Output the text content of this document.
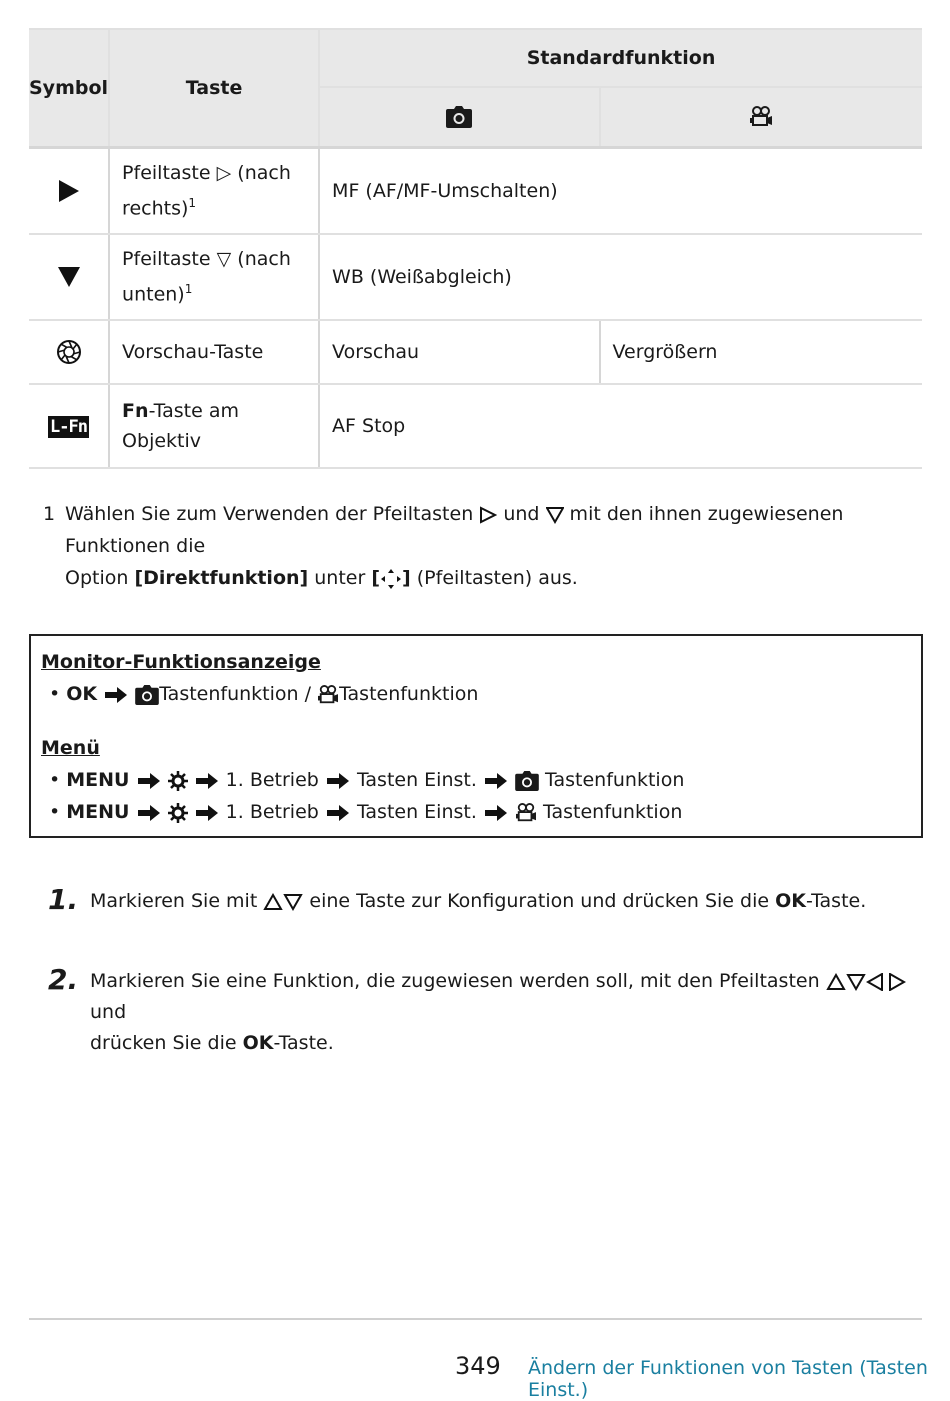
Symbol	Taste	Standardfunktion	

	Pfeiltaste ▷ (nach
rechts)$^1$	MF (AF/MF-Umschalten)	
	Pfeiltaste ▽ (nach
unten)$^1$	WB (Weißabgleich)	
	Vorschau-Taste	Vorschau	Vergrößern
L-Fn	Fn-Taste am
Objektiv	AF Stop	
1 Wählen Sie zum Verwenden der Pfeiltasten  und  mit den ihnen zugewiesenen Funktionen die
Option [Direktfunktion] unter [ ] (Pfeiltasten) aus.
Monitor-Funktionsanzeige
• OK	Tastenfunktion / Tastenfunktion
Menü
• MENU	1. Betrieb Tasten Einst.	Tastenfunktion
• MENU	1. Betrieb Tasten Einst.	Tastenfunktion
1. Markieren Sie mit  eine Taste zur Konfiguration und drücken Sie die OK-Taste.
2. Markieren Sie eine Funktion, die zugewiesen werden soll, mit den Pfeiltasten  und
drücken Sie die OK-Taste.
349 Ändern der Funktionen von Tasten (Tasten Einst.)
